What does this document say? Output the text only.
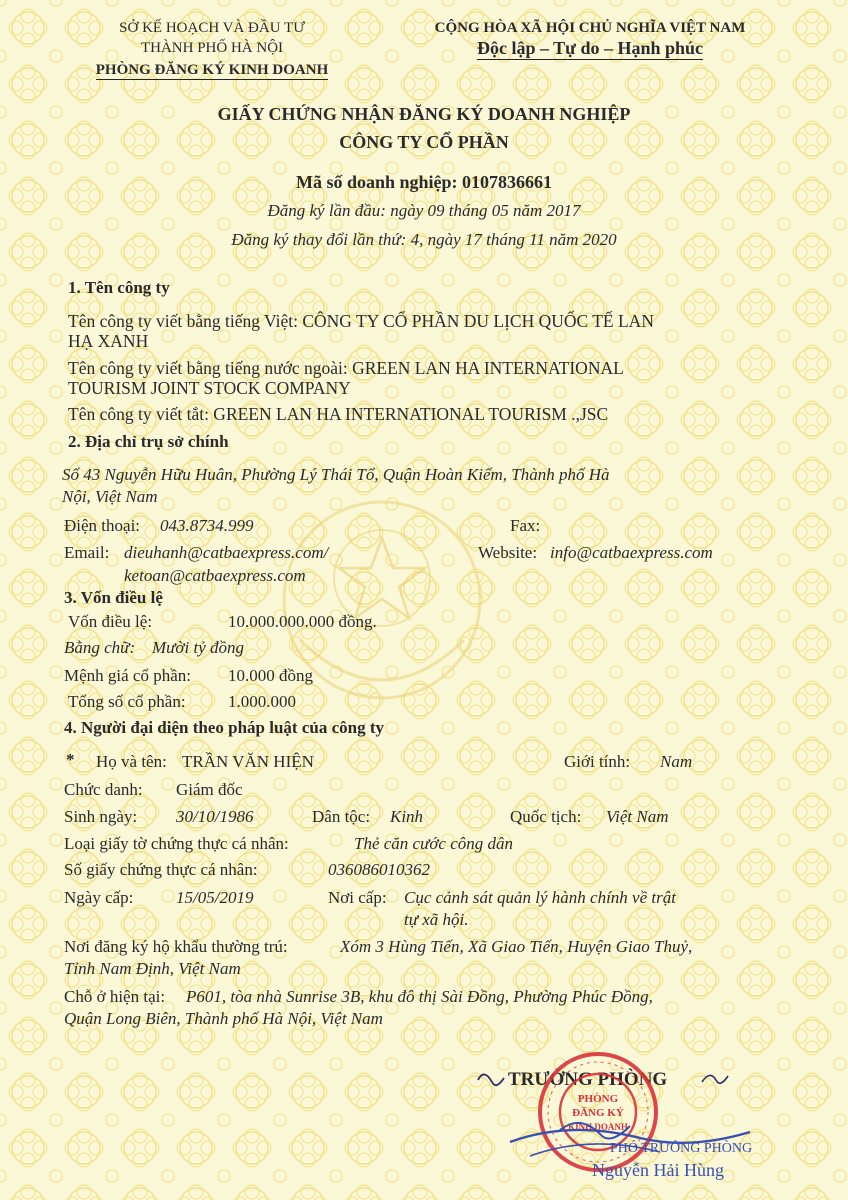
SỞ KẾ HOẠCH VÀ ĐẦU TƯ
THÀNH PHỐ HÀ NỘI
PHÒNG ĐĂNG KÝ KINH DOANH
CỘNG HÒA XÃ HỘI CHỦ NGHĨA VIỆT NAM
Độc lập – Tự do – Hạnh phúc
GIẤY CHỨNG NHẬN ĐĂNG KÝ DOANH NGHIỆP
CÔNG TY CỔ PHẦN
Mã số doanh nghiệp: 0107836661
Đăng ký lần đầu: ngày 09 tháng 05 năm 2017
Đăng ký thay đổi lần thứ: 4, ngày 17 tháng 11 năm 2020
1. Tên công ty
Tên công ty viết bằng tiếng Việt: CÔNG TY CỔ PHẦN DU LỊCH QUỐC TẾ LAN
HẠ XANH
Tên công ty viết bằng tiếng nước ngoài: GREEN LAN HA INTERNATIONAL
TOURISM JOINT STOCK COMPANY
Tên công ty viết tắt: GREEN LAN HA INTERNATIONAL TOURISM .,JSC
2. Địa chỉ trụ sở chính
Số 43 Nguyễn Hữu Huân, Phường Lý Thái Tổ, Quận Hoàn Kiếm, Thành phố Hà
Nội, Việt Nam
Điện thoại: 043.8734.999	Fax:
Email: dieuhanh@catbaexpress.com/
ketoan@catbaexpress.com
Website: info@catbaexpress.com
3. Vốn điều lệ
Vốn điều lệ:	10.000.000.000 đồng.
Bằng chữ: Mười tỷ đồng
Mệnh giá cổ phần: 10.000 đồng
Tổng số cổ phần: 1.000.000
4. Người đại diện theo pháp luật của công ty
* Họ và tên: TRẦN VĂN HIỆN	Giới tính: Nam
Chức danh: Giám đốc
Sinh ngày: 30/10/1986	Dân tộc: Kinh	Quốc tịch: Việt Nam
Loại giấy tờ chứng thực cá nhân:	Thẻ căn cước công dân
Số giấy chứng thực cá nhân:	036086010362
Ngày cấp:	15/05/2019	Nơi cấp: Cục cảnh sát quản lý hành chính về trật
tự xã hội.
Nơi đăng ký hộ khẩu thường trú:	Xóm 3 Hùng Tiến, Xã Giao Tiến, Huyện Giao Thuỷ,
Tỉnh Nam Định, Việt Nam
Chỗ ở hiện tại: P601, tòa nhà Sunrise 3B, khu đô thị Sài Đồng, Phường Phúc Đồng,
Quận Long Biên, Thành phố Hà Nội, Việt Nam
TRƯỞNG PHÒNG
PHÒNG
ĐĂNG KÝ
KINH DOANH
PHÓ TRƯỞNG PHÒNG
Nguyễn Hải Hùng
